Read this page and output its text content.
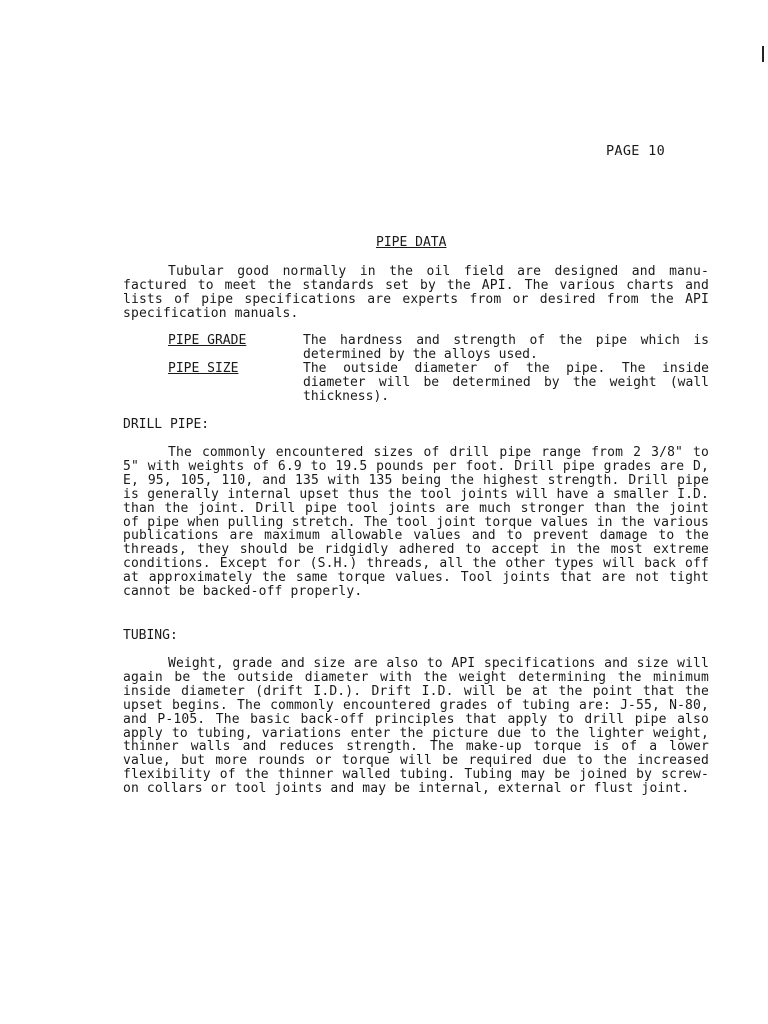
PAGE 10
PIPE DATA

Tubular good normally in the oil field are designed and manu-factured to meet the standards set by the API. The various charts and lists of pipe specifications are experts from or desired from the API specification manuals.

PIPE GRADE	The hardness and strength of the pipe which is determined by the alloys used.
PIPE SIZE	The outside diameter of the pipe. The inside diameter will be determined by the weight (wall thickness).
DRILL PIPE:

The commonly encountered sizes of drill pipe range from 2 3/8" to 5" with weights of 6.9 to 19.5 pounds per foot. Drill pipe grades are D, E, 95, 105, 110, and 135 with 135 being the highest strength. Drill pipe is generally internal upset thus the tool joints will have a smaller I.D. than the joint. Drill pipe tool joints are much stronger than the joint of pipe when pulling stretch. The tool joint torque values in the various publications are maximum allowable values and to prevent damage to the threads, they should be ridgidly adhered to accept in the most extreme conditions. Except for (S.H.) threads, all the other types will back off at approximately the same torque values. Tool joints that are not tight cannot be backed-off properly.

TUBING:

Weight, grade and size are also to API specifications and size will again be the outside diameter with the weight determining the minimum inside diameter (drift I.D.). Drift I.D. will be at the point that the upset begins. The commonly encountered grades of tubing are: J-55, N-80, and P-105. The basic back-off principles that apply to drill pipe also apply to tubing, variations enter the picture due to the lighter weight, thinner walls and reduces strength. The make-up torque is of a lower value, but more rounds or torque will be required due to the increased flexibility of the thinner walled tubing. Tubing may be joined by screw-on collars or tool joints and may be internal, external or flust joint.
